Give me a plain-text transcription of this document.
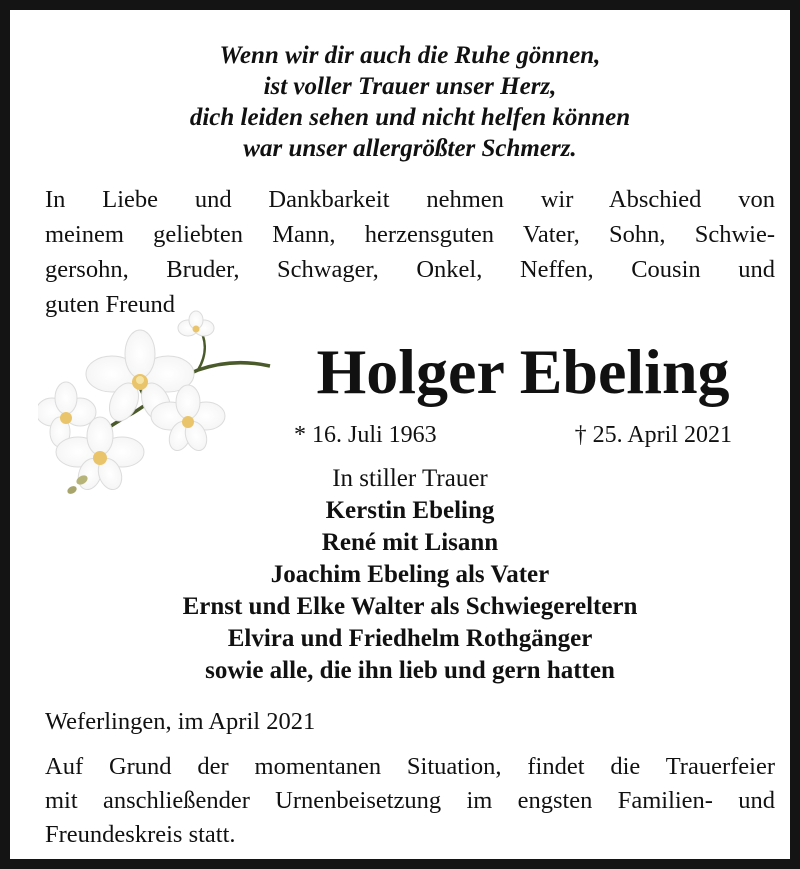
Wenn wir dir auch die Ruhe gönnen,
ist voller Trauer unser Herz,
dich leiden sehen und nicht helfen können
war unser allergrößter Schmerz.
In Liebe und Dankbarkeit nehmen wir Abschied von
meinem geliebten Mann, herzensguten Vater, Sohn, Schwie-
gersohn, Bruder, Schwager, Onkel, Neffen, Cousin und
guten Freund
Holger Ebeling
* 16. Juli 1963	† 25. April 2021
In stiller Trauer
Kerstin Ebeling
René mit Lisann
Joachim Ebeling als Vater
Ernst und Elke Walter als Schwiegereltern
Elvira und Friedhelm Rothgänger
sowie alle, die ihn lieb und gern hatten
Weferlingen, im April 2021
Auf Grund der momentanen Situation, findet die Trauerfeier
mit anschließender Urnenbeisetzung im engsten Familien- und
Freundeskreis statt.
